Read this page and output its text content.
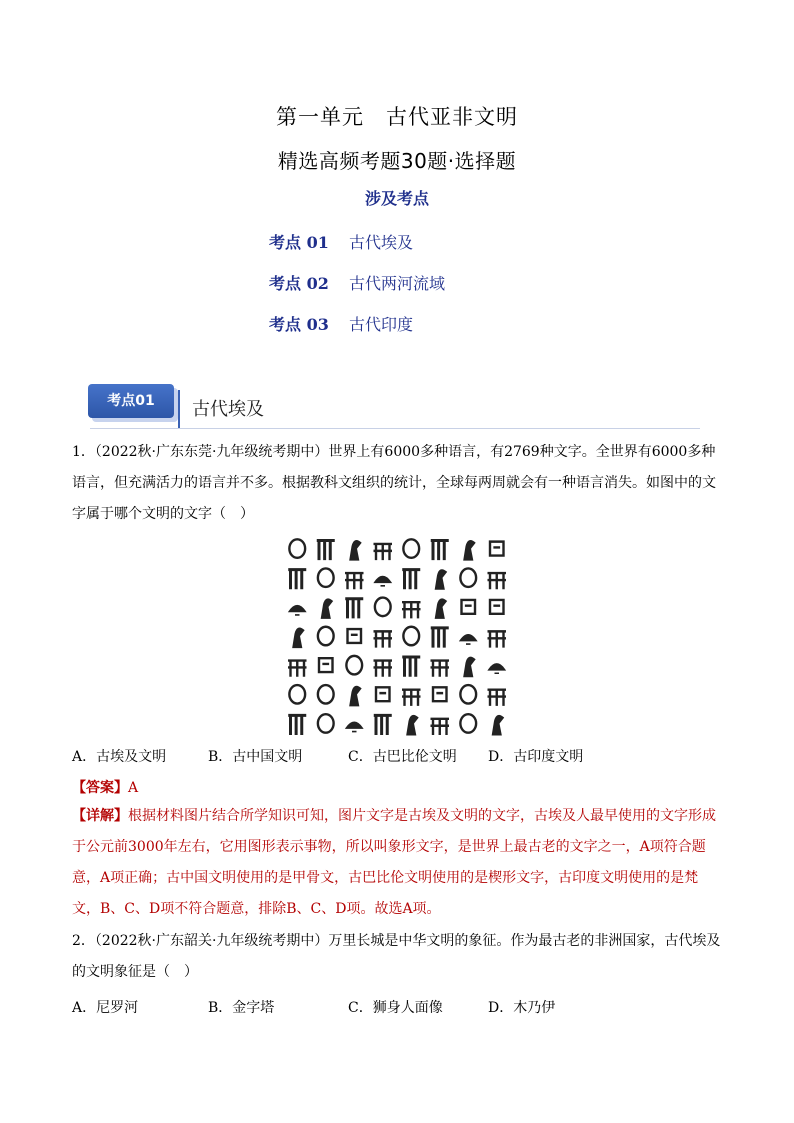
第一单元　古代亚非文明
精选高频考题30题·选择题
涉及考点
考点 01 古代埃及
考点 02 古代两河流域
考点 03 古代印度
考点01	古代埃及
1．（2022秋·广东东莞·九年级统考期中）世界上有6000多种语言，有2769种文字。全世界有6000多种语言，但充满活力的语言并不多。根据教科文组织的统计，全球每两周就会有一种语言消失。如图中的文字属于哪个文明的文字（　）
A．古埃及文明	B．古中国文明	C．古巴比伦文明 D．古印度文明
【答案】A
【详解】根据材料图片结合所学知识可知，图片文字是古埃及文明的文字，古埃及人最早使用的文字形成于公元前3000年左右，它用图形表示事物，所以叫象形文字，是世界上最古老的文字之一，A项符合题意，A项正确；古中国文明使用的是甲骨文，古巴比伦文明使用的是楔形文字，古印度文明使用的是梵文，B、C、D项不符合题意，排除B、C、D项。故选A项。
2．（2022秋·广东韶关·九年级统考期中）万里长城是中华文明的象征。作为最古老的非洲国家，古代埃及的文明象征是（　）
A．尼罗河	B．金字塔	C．狮身人面像	D．木乃伊
